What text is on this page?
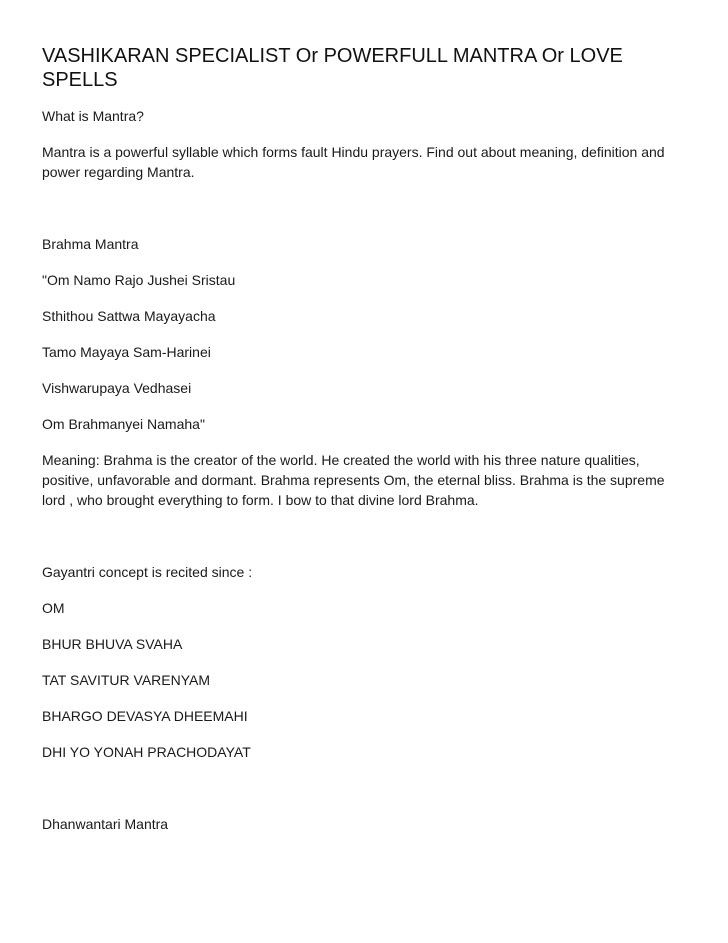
VASHIKARAN SPECIALIST Or POWERFULL MANTRA Or LOVE SPELLS

What is Mantra?

Mantra is a powerful syllable which forms fault Hindu prayers. Find out about meaning, definition and power regarding Mantra.

Brahma Mantra

"Om Namo Rajo Jushei Sristau

Sthithou Sattwa Mayayacha

Tamo Mayaya Sam-Harinei

Vishwarupaya Vedhasei

Om Brahmanyei Namaha"

Meaning: Brahma is the creator of the world. He created the world with his three nature qualities, positive, unfavorable and dormant. Brahma represents Om, the eternal bliss. Brahma is the supreme lord , who brought everything to form. I bow to that divine lord Brahma.

Gayantri concept is recited since :

OM

BHUR BHUVA SVAHA

TAT SAVITUR VARENYAM

BHARGO DEVASYA DHEEMAHI

DHI YO YONAH PRACHODAYAT

Dhanwantari Mantra
